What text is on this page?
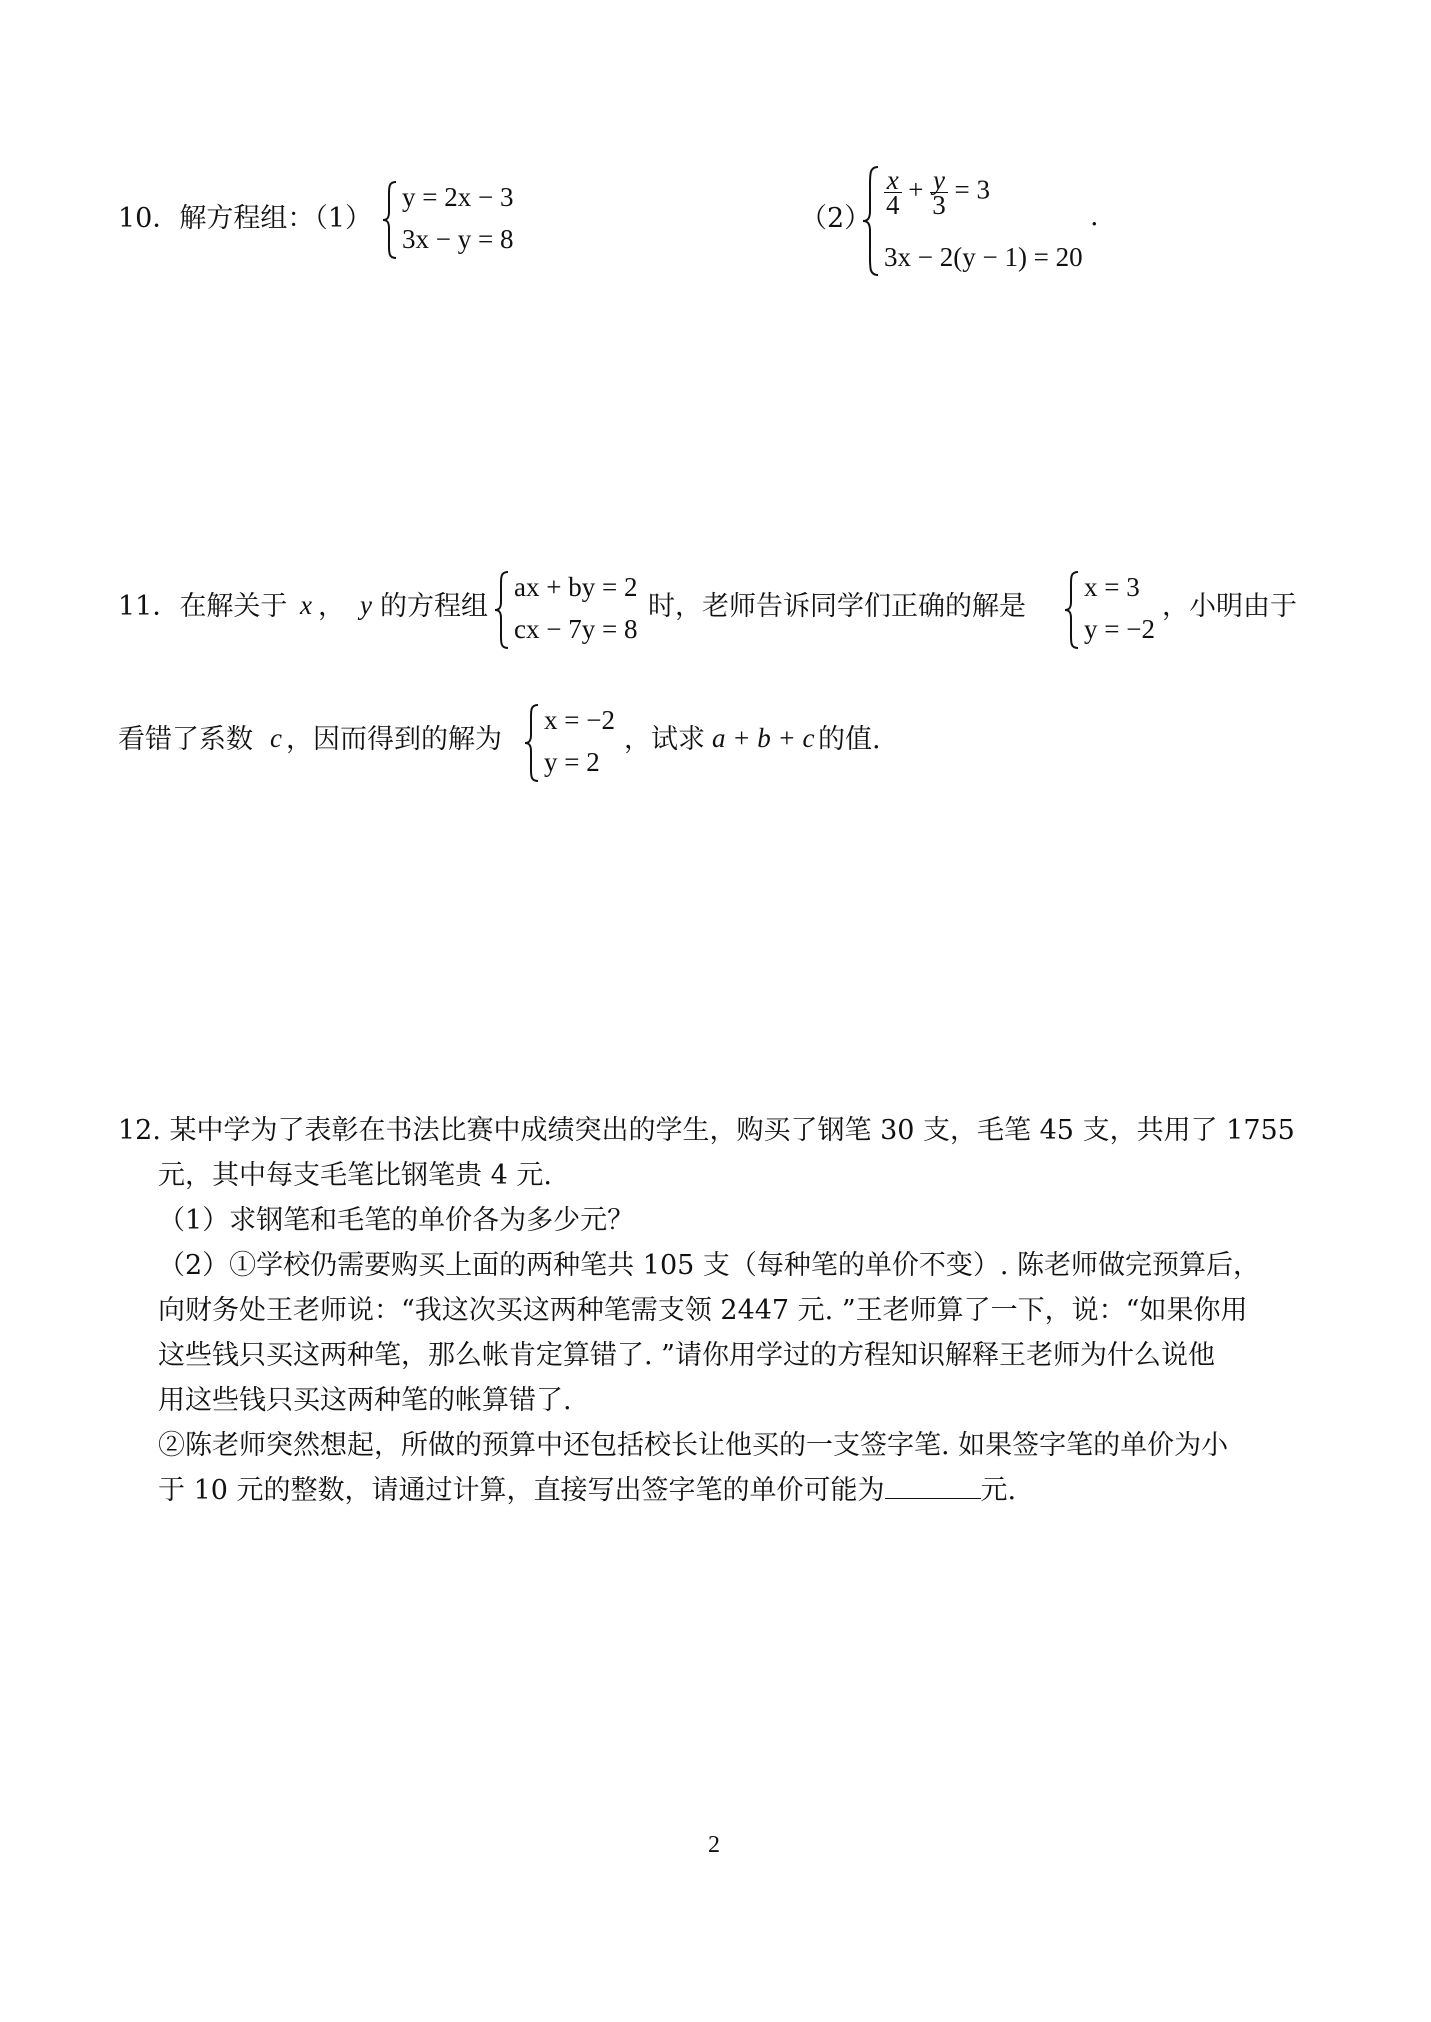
10．解方程组：（1）
y = 2x − 3
3x − y = 8
（2）
$\frac{x}{4} + \frac{y}{3} = 3$
3x − 2(y − 1) = 20
.
11．在解关于 x ， y 的方程组
ax + by = 2
cx − 7y = 8
时，老师告诉同学们正确的解是
x = 3
y = −2
，小明由于
看错了系数 c ，因而得到的解为
x = −2
y = 2
，试求 a + b + c 的值.
12. 某中学为了表彰在书法比赛中成绩突出的学生，购买了钢笔 30 支，毛笔 45 支，共用了 1755
元，其中每支毛笔比钢笔贵 4 元.
（1）求钢笔和毛笔的单价各为多少元？
（2）①学校仍需要购买上面的两种笔共 105 支（每种笔的单价不变）. 陈老师做完预算后，
向财务处王老师说：“我这次买这两种笔需支领 2447 元. ”王老师算了一下，说：“如果你用
这些钱只买这两种笔，那么帐肯定算错了. ”请你用学过的方程知识解释王老师为什么说他
用这些钱只买这两种笔的帐算错了.
②陈老师突然想起，所做的预算中还包括校长让他买的一支签字笔. 如果签字笔的单价为小
于 10 元的整数，请通过计算，直接写出签字笔的单价可能为	元.
2
